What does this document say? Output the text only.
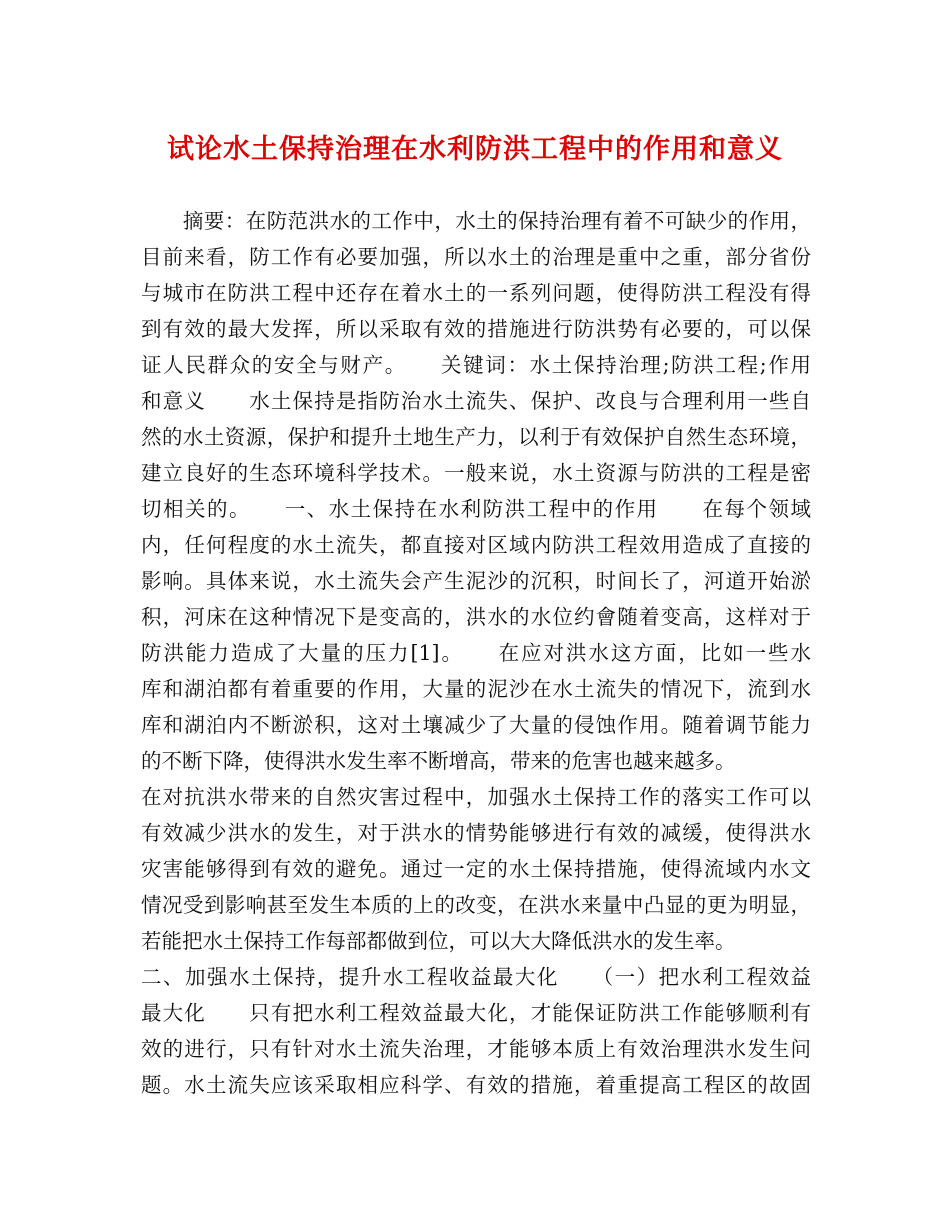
试论水土保持治理在水利防洪工程中的作用和意义
　　摘要：在防范洪水的工作中，水土的保持治理有着不可缺少的作用，
目前来看，防工作有必要加强，所以水土的治理是重中之重，部分省份
与城市在防洪工程中还存在着水土的一系列问题，使得防洪工程没有得
到有效的最大发挥，所以采取有效的措施进行防洪势有必要的，可以保
证人民群众的安全与财产。　　关键词：水土保持治理;防洪工程;作用
和意义　　水土保持是指防治水土流失、保护、改良与合理利用一些自
然的水土资源，保护和提升土地生产力，以利于有效保护自然生态环境，
建立良好的生态环境科学技术。一般来说，水土资源与防洪的工程是密
切相关的。　　一、水土保持在水利防洪工程中的作用　　在每个领域
内，任何程度的水土流失，都直接对区域内防洪工程效用造成了直接的
影响。具体来说，水土流失会产生泥沙的沉积，时间长了，河道开始淤
积，河床在这种情况下是变高的，洪水的水位约會随着变高，这样对于
防洪能力造成了大量的压力[1]。　　在应对洪水这方面，比如一些水
库和湖泊都有着重要的作用，大量的泥沙在水土流失的情况下，流到水
库和湖泊内不断淤积，这对土壤减少了大量的侵蚀作用。随着调节能力
的不断下降，使得洪水发生率不断增高，带来的危害也越来越多。
在对抗洪水带来的自然灾害过程中，加强水土保持工作的落实工作可以
有效减少洪水的发生，对于洪水的情势能够进行有效的减缓，使得洪水
灾害能够得到有效的避免。通过一定的水土保持措施，使得流域内水文
情况受到影响甚至发生本质的上的改变，在洪水来量中凸显的更为明显，
若能把水土保持工作每部都做到位，可以大大降低洪水的发生率。
二、加强水土保持，提升水工程收益最大化　　（一）把水利工程效益
最大化　　只有把水利工程效益最大化，才能保证防洪工作能够顺利有
效的进行，只有针对水土流失治理，才能够本质上有效治理洪水发生问
题。水土流失应该采取相应科学、有效的措施，着重提高工程区的故固
